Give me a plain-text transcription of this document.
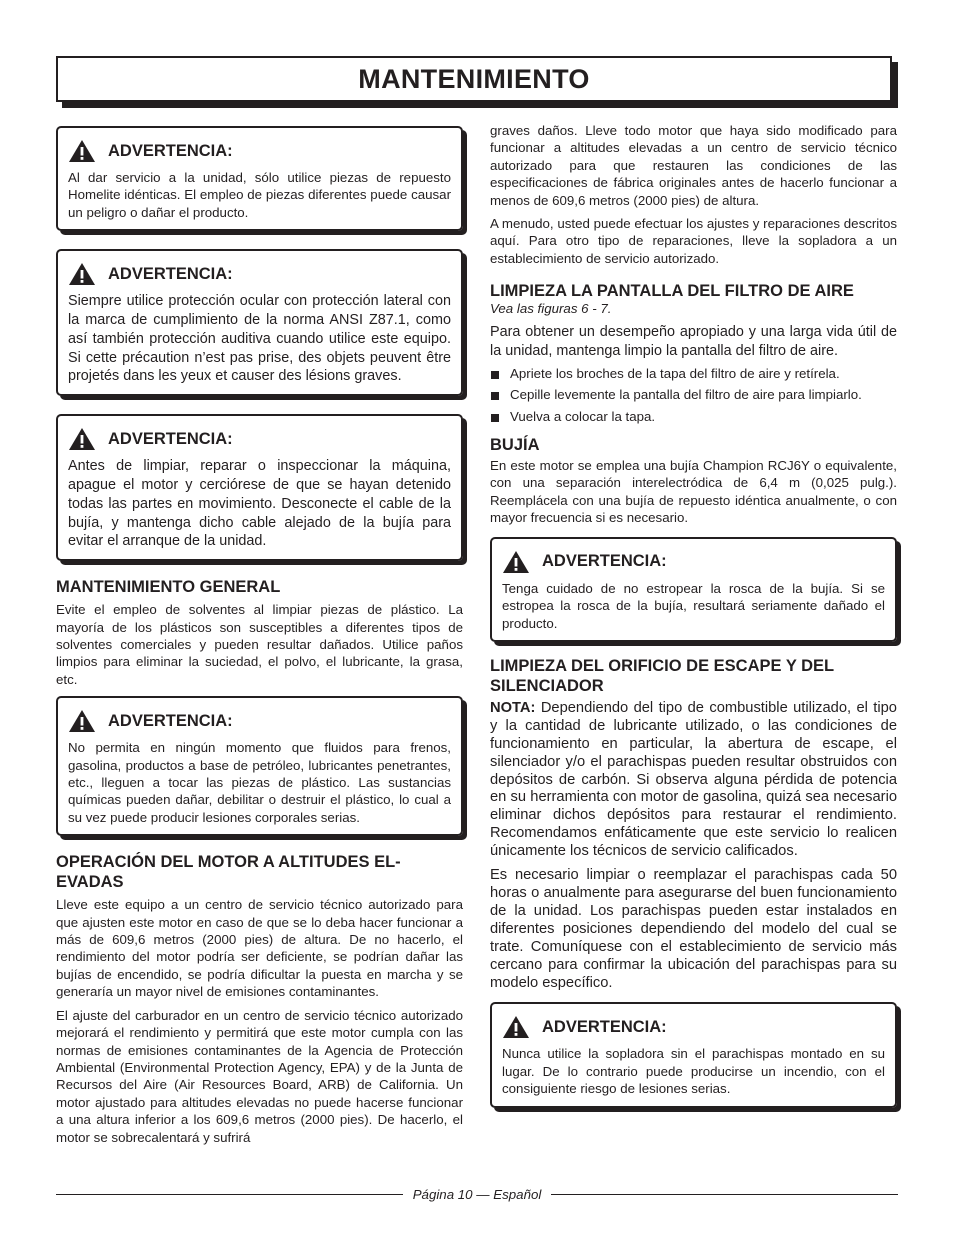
MANTENIMIENTO
ADVERTENCIA:

Al dar servicio a la unidad, sólo utilice piezas de repuesto Homelite idénticas. El empleo de piezas diferentes puede causar un peligro o dañar el producto.

ADVERTENCIA:

Siempre utilice protección ocular con protección lateral con la marca de cumplimiento de la norma ANSI Z87.1, como así también protección auditiva cuando utilice este equipo. Si cette précaution n’est pas prise, des objets peuvent être projetés dans les yeux et causer des lésions graves.

ADVERTENCIA:

Antes de limpiar, reparar o inspeccionar la máquina, apague el motor y cerciórese de que se hayan detenido todas las partes en movimiento. Desconecte el cable de la bujía, y mantenga dicho cable alejado de la bujía para evitar el arranque de la unidad.

MANTENIMIENTO GENERAL

Evite el empleo de solventes al limpiar piezas de plástico. La mayoría de los plásticos son susceptibles a diferentes tipos de solventes comerciales y pueden resultar dañados. Utilice paños limpios para eliminar la suciedad, el polvo, el lubricante, la grasa, etc.

ADVERTENCIA:

No permita en ningún momento que fluidos para frenos, gasolina, productos a base de petróleo, lubricantes penetrantes, etc., lleguen a tocar las piezas de plástico. Las sustancias químicas pueden dañar, debilitar o destruir el plástico, lo cual a su vez puede producir lesiones corporales serias.

OPERACIÓN DEL MOTOR A ALTITUDES EL- EVADAS

Lleve este equipo a un centro de servicio técnico autorizado para que ajusten este motor en caso de que se lo deba hacer funcionar a más de 609,6 metros (2000 pies) de altura. De no hacerlo, el rendimiento del motor podría ser deficiente, se podrían dañar las bujías de encendido, se podría dificultar la puesta en marcha y se generaría un mayor nivel de emisiones contaminantes.

El ajuste del carburador en un centro de servicio técnico autorizado mejorará el rendimiento y permitirá que este motor cumpla con las normas de emisiones contaminantes de la Agencia de Protección Ambiental (Environmental Protection Agency, EPA) y de la Junta de Recursos del Aire (Air Resources Board, ARB) de California. Un motor ajustado para altitudes elevadas no puede hacerse funcionar a una altura inferior a los 609,6 metros (2000 pies). De hacerlo, el motor se sobrecalentará y sufrirá

graves daños. Lleve todo motor que haya sido modificado para funcionar a altitudes elevadas a un centro de servicio técnico autorizado para que restauren las condiciones de las especificaciones de fábrica originales antes de hacerlo funcionar a menos de 609,6 metros (2000 pies) de altura.

A menudo, usted puede efectuar los ajustes y reparaciones descritos aquí. Para otro tipo de reparaciones, lleve la sopladora a un establecimiento de servicio autorizado.

LIMPIEZA LA PANTALLA DEL FILTRO DE AIRE

Vea las figuras 6 - 7.

Para obtener un desempeño apropiado y una larga vida útil de la unidad, mantenga limpio la pantalla del filtro de aire.

Apriete los broches de la tapa del filtro de aire y retírela.
Cepille levemente la pantalla del filtro de aire para limpiarlo.
Vuelva a colocar la tapa.
BUJÍA

En este motor se emplea una bujía Champion RCJ6Y o equivalente, con una separación interelectródica de 6,4 m (0,025 pulg.). Reemplácela con una bujía de repuesto idéntica anualmente, o con mayor frecuencia si es necesario.

ADVERTENCIA:

Tenga cuidado de no estropear la rosca de la bujía. Si se estropea la rosca de la bujía, resultará seriamente dañado el producto.

LIMPIEZA DEL ORIFICIO DE ESCAPE Y DEL SILENCIADOR

NOTA: Dependiendo del tipo de combustible utilizado, el tipo y la cantidad de lubricante utilizado, o las condiciones de funcionamiento en particular, la abertura de escape, el silenciador y/o el parachispas pueden resultar obstruidos con depósitos de carbón. Si observa alguna pérdida de potencia en su herramienta con motor de gasolina, quizá sea necesario eliminar dichos depósitos para restaurar el rendimiento. Recomendamos enfáticamente que este servicio lo realicen únicamente los técnicos de servicio calificados.

Es necesario limpiar o reemplazar el parachispas cada 50 horas o anualmente para asegurarse del buen funcionamiento de la unidad. Los parachispas pueden estar instalados en diferentes posiciones dependiendo del modelo del cual se trate. Comuníquese con el establecimiento de servicio más cercano para confirmar la ubicación del parachispas para su modelo específico.

ADVERTENCIA:

Nunca utilice la sopladora sin el parachispas montado en su lugar. De lo contrario puede producirse un incendio, con el consiguiente riesgo de lesiones serias.

Página 10 — Español
